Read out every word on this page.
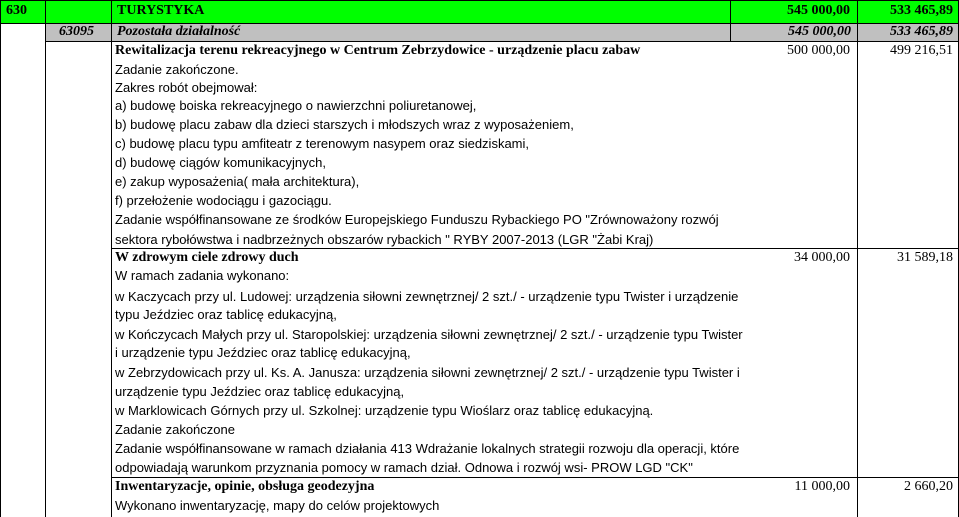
630	TURYSTYKA	545 000,00	533 465,89
63095	Pozostała działalność	545 000,00	533 465,89
Rewitalizacja terenu rekreacyjnego w Centrum Zebrzydowice - urządzenie placu zabaw	500 000,00	499 216,51
Zadanie zakończone.
Zakres robót obejmował:
a) budowę boiska rekreacyjnego o nawierzchni poliuretanowej,
b) budowę placu zabaw dla dzieci starszych i młodszych wraz z wyposażeniem,
c) budowę placu typu amfiteatr z terenowym nasypem oraz siedziskami,
d) budowę ciągów komunikacyjnych,
e) zakup wyposażenia( mała architektura),
f) przełożenie wodociągu i gazociągu.
Zadanie współfinansowane ze środków Europejskiego Funduszu Rybackiego PO "Zrównoważony rozwój
sektora rybołówstwa i nadbrzeżnych obszarów rybackich " RYBY 2007-2013 (LGR "Żabi Kraj)
W zdrowym ciele zdrowy duch	34 000,00	31 589,18
W ramach zadania wykonano:
w Kaczycach przy ul. Ludowej: urządzenia siłowni zewnętrznej/ 2 szt./ - urządzenie typu Twister i urządzenie
typu Jeździec oraz tablicę edukacyjną,
w Kończycach Małych przy ul. Staropolskiej: urządzenia siłowni zewnętrznej/ 2 szt./ - urządzenie typu Twister
i urządzenie typu Jeździec oraz tablicę edukacyjną,
w Zebrzydowicach przy ul. Ks. A. Janusza: urządzenia siłowni zewnętrznej/ 2 szt./ - urządzenie typu Twister i
urządzenie typu Jeździec oraz tablicę edukacyjną,
w Marklowicach Górnych przy ul. Szkolnej: urządzenie typu Wioślarz oraz tablicę edukacyjną.
Zadanie zakończone
Zadanie współfinansowane w ramach działania 413 Wdrażanie lokalnych strategii rozwoju dla operacji, które
odpowiadają warunkom przyznania pomocy w ramach dział. Odnowa i rozwój wsi- PROW LGD "CK"
Inwentaryzacje, opinie, obsługa geodezyjna	11 000,00	2 660,20
Wykonano inwentaryzację, mapy do celów projektowych
